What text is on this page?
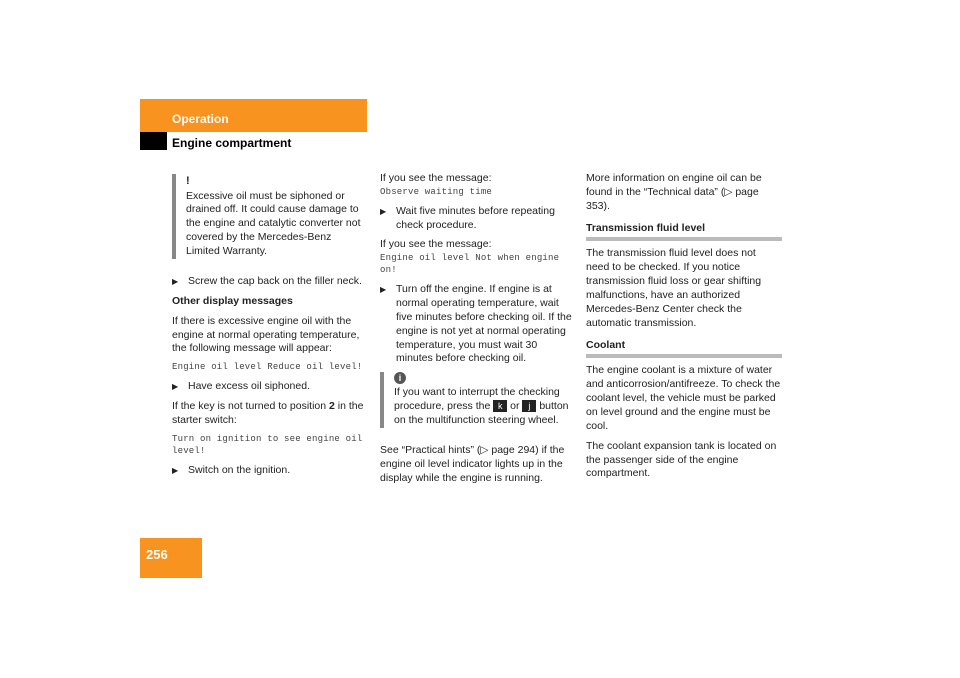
Operation
Engine compartment
!
Excessive oil must be siphoned or drained off. It could cause damage to the engine and catalytic converter not covered by the Mercedes-Benz Limited Warranty.
▶ Screw the cap back on the filler neck.

Other display messages

If there is excessive engine oil with the engine at normal operating temperature, the following message will appear:

Engine oil level Reduce oil level!
▶ Have excess oil siphoned.

If the key is not turned to position 2 in the starter switch:

Turn on ignition to see engine oil level!
▶ Switch on the ignition.

If you see the message:

Observe waiting time
▶ Wait five minutes before repeating check procedure.

If you see the message:

Engine oil level Not when engine on!
▶ Turn off the engine. If engine is at normal operating temperature, wait five minutes before checking oil. If the engine is not yet at normal operating temperature, you must wait 30 minutes before checking oil.
i
If you want to interrupt the checking procedure, press the k or j button on the multifunction steering wheel.

See “Practical hints” (▷ page 294) if the engine oil level indicator lights up in the display while the engine is running.

More information on engine oil can be found in the “Technical data” (▷ page 353).

Transmission fluid level

The transmission fluid level does not need to be checked. If you notice transmission fluid loss or gear shifting malfunctions, have an authorized Mercedes-Benz Center check the automatic transmission.

Coolant

The engine coolant is a mixture of water and anticorrosion/antifreeze. To check the coolant level, the vehicle must be parked on level ground and the engine must be cool.

The coolant expansion tank is located on the passenger side of the engine compartment.

256
